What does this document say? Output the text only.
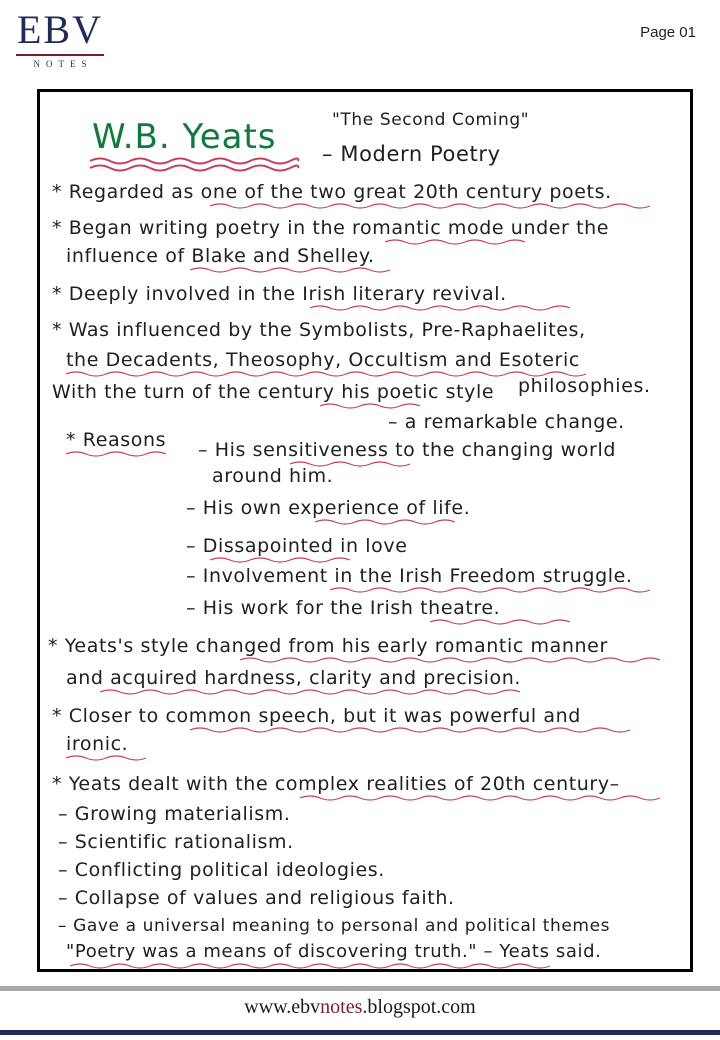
EBV
NOTES
Page 01
W.B. Yeats	"The Second Coming"
– Modern Poetry
* Regarded as one of the two great 20th century poets.
* Began writing poetry in the romantic mode under the
influence of Blake and Shelley.
* Deeply involved in the Irish literary revival.
* Was influenced by the Symbolists, Pre-Raphaelites,
the Decadents, Theosophy, Occultism and Esoteric
philosophies.
With the turn of the century his poetic style
– a remarkable change.
* Reasons – His sensitiveness to the changing world
around him.
– His own experience of life.
– Dissapointed in love
– Involvement in the Irish Freedom struggle.
– His work for the Irish theatre.
* Yeats's style changed from his early romantic manner
and acquired hardness, clarity and precision.
* Closer to common speech, but it was powerful and
ironic.
* Yeats dealt with the complex realities of 20th century–
– Growing materialism.
– Scientific rationalism.
– Conflicting political ideologies.
– Collapse of values and religious faith.
– Gave a universal meaning to personal and political themes
"Poetry was a means of discovering truth." – Yeats said.
www.ebvnotes.blogspot.com
